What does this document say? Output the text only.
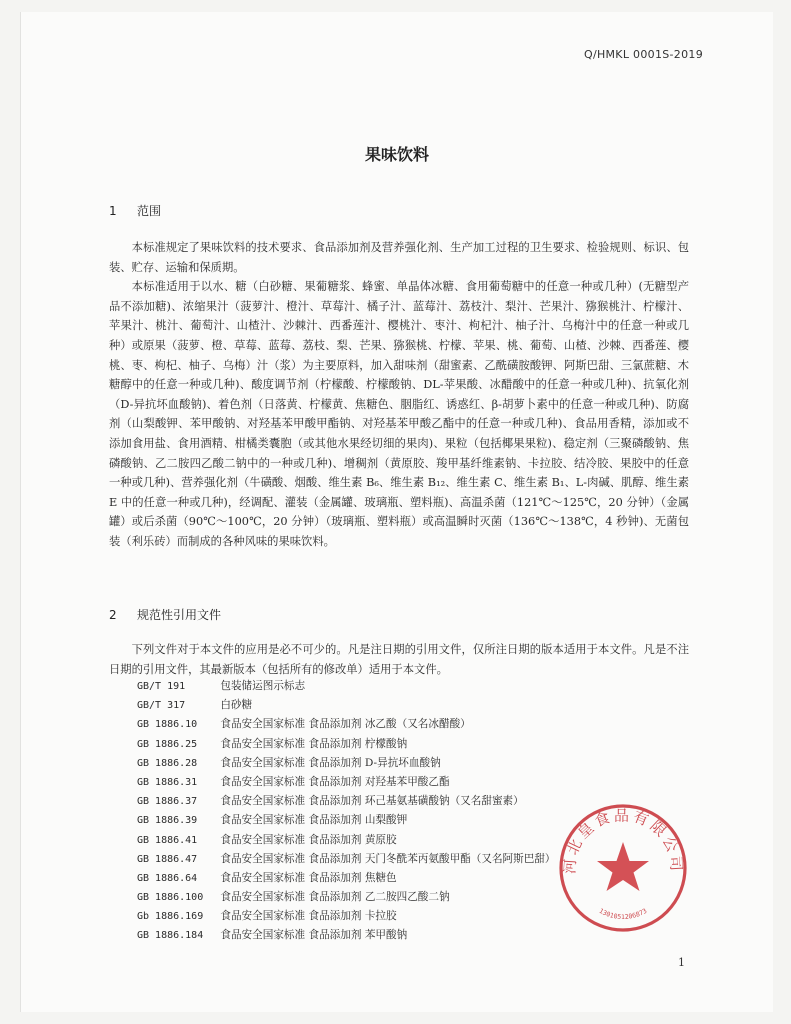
Q/HMKL 0001S-2019
果味饮料
1 范围

本标准规定了果味饮料的技术要求、食品添加剂及营养强化剂、生产加工过程的卫生要求、检验规则、标识、包装、贮存、运输和保质期。

本标准适用于以水、糖（白砂糖、果葡糖浆、蜂蜜、单晶体冰糖、食用葡萄糖中的任意一种或几种）(无糖型产品不添加糖)、浓缩果汁（菠萝汁、橙汁、草莓汁、橘子汁、蓝莓汁、荔枝汁、梨汁、芒果汁、猕猴桃汁、柠檬汁、苹果汁、桃汁、葡萄汁、山楂汁、沙棘汁、西番莲汁、樱桃汁、枣汁、枸杞汁、柚子汁、乌梅汁中的任意一种或几种）或原果（菠萝、橙、草莓、蓝莓、荔枝、梨、芒果、猕猴桃、柠檬、苹果、桃、葡萄、山楂、沙棘、西番莲、樱桃、枣、枸杞、柚子、乌梅）汁（浆）为主要原料，加入甜味剂（甜蜜素、乙酰磺胺酸钾、阿斯巴甜、三氯蔗糖、木糖醇中的任意一种或几种)、酸度调节剂（柠檬酸、柠檬酸钠、DL-苹果酸、冰醋酸中的任意一种或几种)、抗氧化剂（D-异抗坏血酸钠)、着色剂（日落黄、柠檬黄、焦糖色、胭脂红、诱惑红、β-胡萝卜素中的任意一种或几种)、防腐剂（山梨酸钾、苯甲酸钠、对羟基苯甲酸甲酯钠、对羟基苯甲酸乙酯中的任意一种或几种)、食品用香精，添加或不添加食用盐、食用酒精、柑橘类囊胞（或其他水果经切细的果肉)、果粒（包括椰果果粒)、稳定剂（三聚磷酸钠、焦磷酸钠、乙二胺四乙酸二钠中的一种或几种)、增稠剂（黄原胶、羧甲基纤维素钠、卡拉胶、结冷胶、果胶中的任意一种或几种)、营养强化剂（牛磺酸、烟酸、维生素 B₆、维生素 B₁₂、维生素 C、维生素 B₁、L-肉碱、肌醇、维生素 E 中的任意一种或几种)，经调配、灌装（金属罐、玻璃瓶、塑料瓶)、高温杀菌（121℃～125℃，20 分钟）（金属罐）或后杀菌（90℃～100℃，20 分钟）（玻璃瓶、塑料瓶）或高温瞬时灭菌（136℃～138℃，4 秒钟)、无菌包装（利乐砖）而制成的各种风味的果味饮料。

2 规范性引用文件

下列文件对于本文件的应用是必不可少的。凡是注日期的引用文件，仅所注日期的版本适用于本文件。凡是不注日期的引用文件，其最新版本（包括所有的修改单）适用于本文件。

GB/T 191	包装储运图示标志
GB/T 317	白砂糖
GB 1886.10 食品安全国家标准 食品添加剂 冰乙酸（又名冰醋酸）
GB 1886.25 食品安全国家标准 食品添加剂 柠檬酸钠
GB 1886.28 食品安全国家标准 食品添加剂 D-异抗坏血酸钠
GB 1886.31 食品安全国家标准 食品添加剂 对羟基苯甲酸乙酯
GB 1886.37 食品安全国家标准 食品添加剂 环己基氨基磺酸钠（又名甜蜜素）
GB 1886.39 食品安全国家标准 食品添加剂 山梨酸钾
GB 1886.41 食品安全国家标准 食品添加剂 黄原胶
GB 1886.47 食品安全国家标准 食品添加剂 天门冬酰苯丙氨酸甲酯（又名阿斯巴甜）
GB 1886.64 食品安全国家标准 食品添加剂 焦糖色
GB 1886.100 食品安全国家标准 食品添加剂 乙二胺四乙酸二钠
Gb 1886.169 食品安全国家标准 食品添加剂 卡拉胶
GB 1886.184 食品安全国家标准 食品添加剂 苯甲酸钠
河北皇食品有限公司
1301051206873
1
